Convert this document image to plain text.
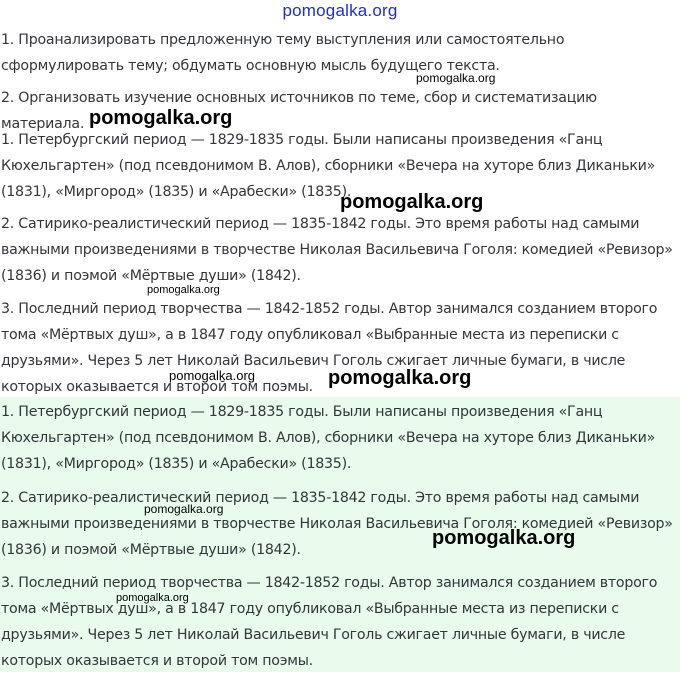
pomogalka.org

1. Проанализировать предложенную тему выступления или самостоятельно сформулировать тему; обдумать основную мысль будущего текста.

2. Организовать изучение основных источников по теме, сбор и систематизацию материала.

1. Петербургский период — 1829-1835 годы. Были написаны произведения «Ганц Кюхельгартен» (под псевдонимом В. Алов), сборники «Вечера на хуторе близ Диканьки» (1831), «Миргород» (1835) и «Арабески» (1835).

2. Сатирико-реалистический период — 1835-1842 годы. Это время работы над самыми важными произведениями в творчестве Николая Васильевича Гоголя: комедией «Ревизор» (1836) и поэмой «Мёртвые души» (1842).

3. Последний период творчества — 1842-1852 годы. Автор занимался созданием второго тома «Мёртвых душ», а в 1847 году опубликовал «Выбранные места из переписки с друзьями». Через 5 лет Николай Васильевич Гоголь сжигает личные бумаги, в числе которых оказывается и второй том поэмы.

1. Петербургский период — 1829-1835 годы. Были написаны произведения «Ганц Кюхельгартен» (под псевдонимом В. Алов), сборники «Вечера на хуторе близ Диканьки» (1831), «Миргород» (1835) и «Арабески» (1835).

2. Сатирико-реалистический период — 1835-1842 годы. Это время работы над самыми важными произведениями в творчестве Николая Васильевича Гоголя: комедией «Ревизор» (1836) и поэмой «Мёртвые души» (1842).

3. Последний период творчества — 1842-1852 годы. Автор занимался созданием второго тома «Мёртвых душ», а в 1847 году опубликовал «Выбранные места из переписки с друзьями». Через 5 лет Николай Васильевич Гоголь сжигает личные бумаги, в числе которых оказывается и второй том поэмы.

pomogalka.org
pomogalka.org
pomogalka.org
pomogalka.org
pomogalka.org	pomogalka.org
pomogalka.org
pomogalka.org
pomogalka.org
